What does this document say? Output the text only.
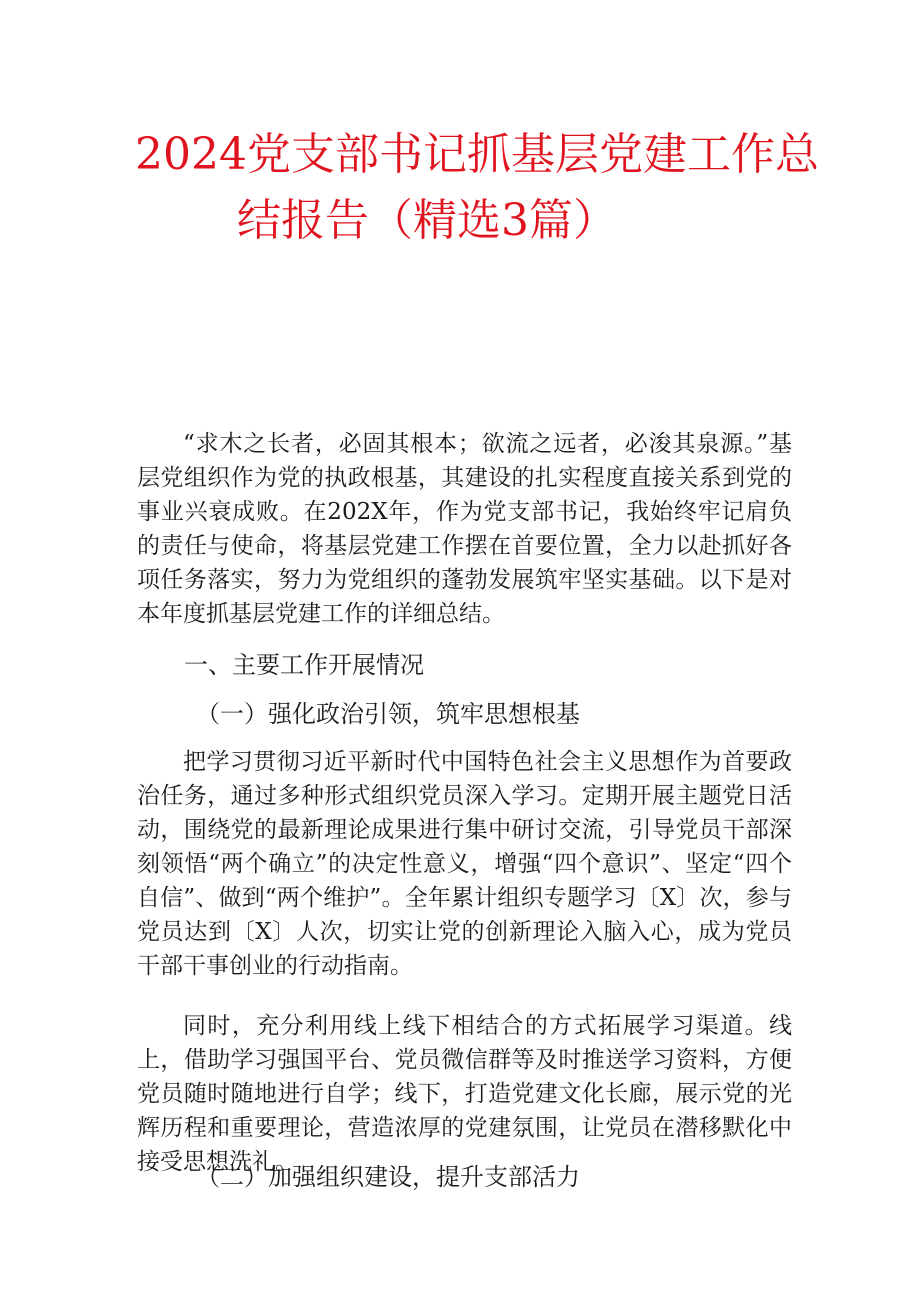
2024党支部书记抓基层党建工作总
结报告（精选3篇）

“求木之长者，必固其根本；欲流之远者，必浚其泉源。”基层党组织作为党的执政根基，其建设的扎实程度直接关系到党的事业兴衰成败。在202X年，作为党支部书记，我始终牢记肩负的责任与使命，将基层党建工作摆在首要位置，全力以赴抓好各项任务落实，努力为党组织的蓬勃发展筑牢坚实基础。以下是对本年度抓基层党建工作的详细总结。

一、主要工作开展情况
（一）强化政治引领，筑牢思想根基

把学习贯彻习近平新时代中国特色社会主义思想作为首要政治任务，通过多种形式组织党员深入学习。定期开展主题党日活动，围绕党的最新理论成果进行集中研讨交流，引导党员干部深刻领悟“两个确立”的决定性意义，增强“四个意识”、坚定“四个自信”、做到“两个维护”。全年累计组织专题学习〔X〕次，参与党员达到〔X〕人次，切实让党的创新理论入脑入心，成为党员干部干事创业的行动指南。

同时，充分利用线上线下相结合的方式拓展学习渠道。线上，借助学习强国平台、党员微信群等及时推送学习资料，方便党员随时随地进行自学；线下，打造党建文化长廊，展示党的光辉历程和重要理论，营造浓厚的党建氛围，让党员在潜移默化中接受思想洗礼。

（二）加强组织建设，提升支部活力
